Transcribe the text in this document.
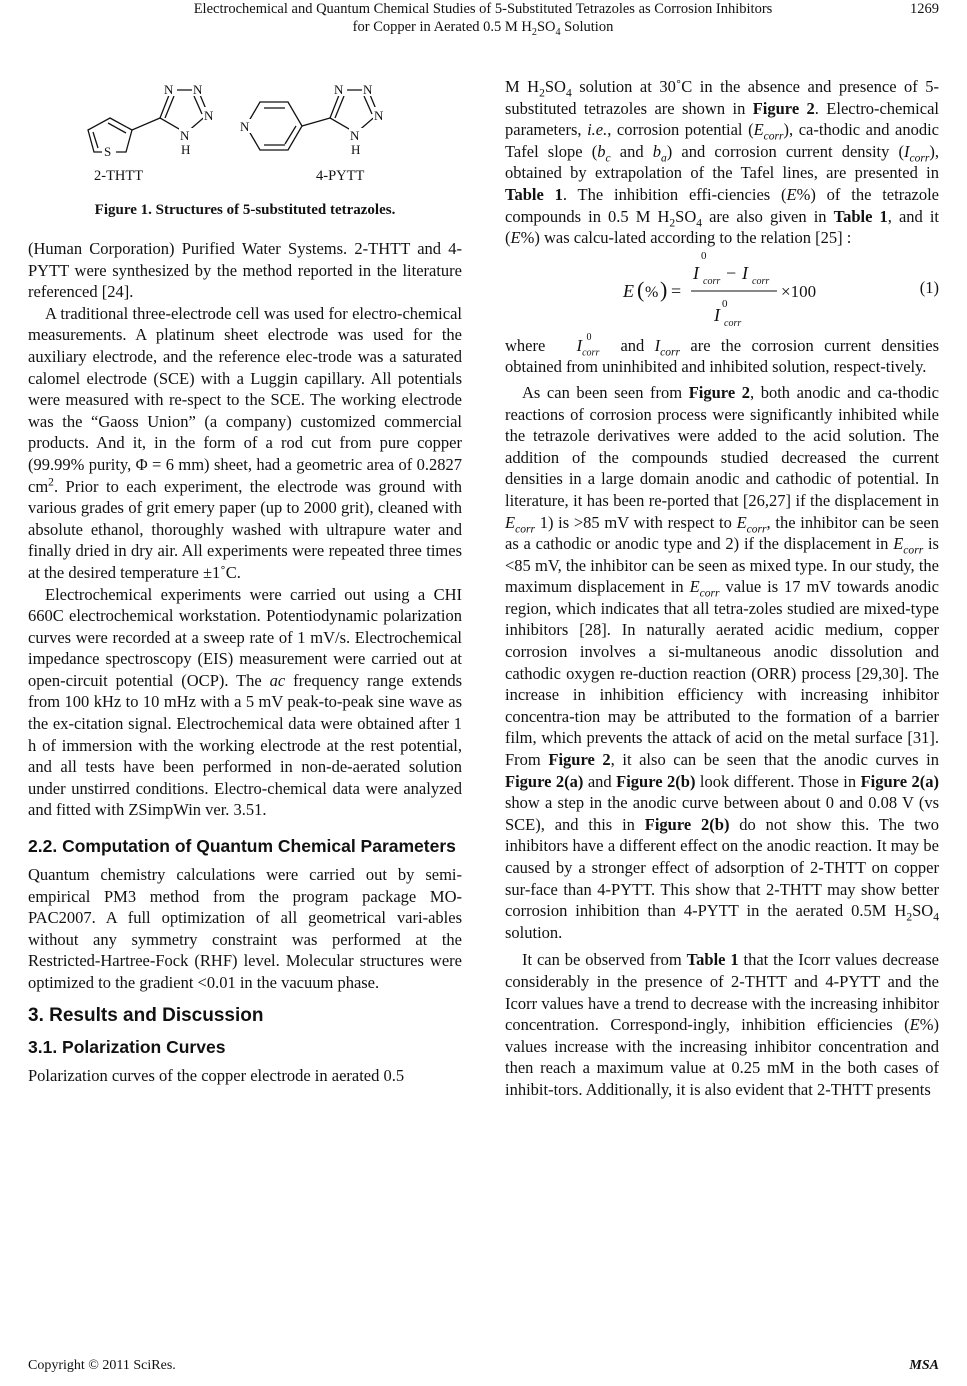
Electrochemical and Quantum Chemical Studies of 5-Substituted Tetrazoles as Corrosion Inhibitors
for Copper in Aerated 0.5 M $H_2SO_4$ Solution
1269
S
N N
N
N
H
N
N N
N
N
H
2-THTT	4-PYTT
Figure 1. Structures of 5-substituted tetrazoles.

(Human Corporation) Purified Water Systems. 2-THTT and 4-PYTT were synthesized by the method reported in the literature referenced [24].

A traditional three-electrode cell was used for electro-chemical measurements. A platinum sheet electrode was used for the auxiliary electrode, and the reference elec-trode was a saturated calomel electrode (SCE) with a Luggin capillary. All potentials were measured with re-spect to the SCE. The working electrode was the “Gaoss Union” (a company) customized commercial products. And it, in the form of a rod cut from pure copper (99.99% purity, Φ = 6 mm) sheet, had a geometric area of 0.2827 $cm^2$. Prior to each experiment, the electrode was ground with various grades of grit emery paper (up to 2000 grit), cleaned with absolute ethanol, thoroughly washed with ultrapure water and finally dried in dry air. All experiments were repeated three times at the desired temperature ±1˚C.

Electrochemical experiments were carried out using a CHI 660C electrochemical workstation. Potentiodynamic polarization curves were recorded at a sweep rate of 1 mV/s. Electrochemical impedance spectroscopy (EIS) measurement were carried out at open-circuit potential (OCP). The ac frequency range extends from 100 kHz to 10 mHz with a 5 mV peak-to-peak sine wave as the ex-citation signal. Electrochemical data were obtained after 1 h of immersion with the working electrode at the rest potential, and all tests have been performed in non-de-aerated solution under unstirred conditions. Electro-chemical data were analyzed and fitted with ZSimpWin ver. 3.51.

2.2. Computation of Quantum Chemical Parameters

Quantum chemistry calculations were carried out by semi-empirical PM3 method from the program package MO-PAC2007. A full optimization of all geometrical vari-ables without any symmetry constraint was performed at the Restricted-Hartree-Fock (RHF) level. Molecular structures were optimized to the gradient <0.01 in the vacuum phase.

3. Results and Discussion
3.1. Polarization Curves

Polarization curves of the copper electrode in aerated 0.5

M $H_2SO_4$ solution at 30˚C in the absence and presence of 5-substituted tetrazoles are shown in Figure 2. Electro-chemical parameters, i.e., corrosion potential $(E_{corr})$, ca-thodic and anodic Tafel slope ($b_c$ and $b_a$) and corrosion current density $(I_{corr})$, obtained by extrapolation of the Tafel lines, are presented in Table 1. The inhibition effi-ciencies (E%) of the tetrazole compounds in 0.5 M $H_2SO_4$ are also given in Table 1, and it (E%) was calcu-lated according to the relation [25] :

E ( % ) =
0
I corr − I corr
0
I corr
×100	(1)

where I 0
$_{corr}$ and $I_{corr}$ are the corrosion current densities obtained from uninhibited and inhibited solution, respect-tively.

As can been seen from Figure 2, both anodic and ca-thodic reactions of corrosion process were significantly inhibited while the tetrazole derivatives were added to the acid solution. The addition of the compounds studied decreased the current densities in a large domain anodic and cathodic of potential. In literature, it has been re-ported that [26,27] if the displacement in $E_{corr}$ 1) is >85 mV with respect to $E_{corr}$, the inhibitor can be seen as a cathodic or anodic type and 2) if the displacement in $E_{corr}$ is <85 mV, the inhibitor can be seen as mixed type. In our study, the maximum displacement in $E_{corr}$ value is 17 mV towards anodic region, which indicates that all tetra-zoles studied are mixed-type inhibitors [28]. In naturally aerated acidic medium, copper corrosion involves a si-multaneous anodic dissolution and cathodic oxygen re-duction reaction (ORR) process [29,30]. The increase in inhibition efficiency with increasing inhibitor concentra-tion may be attributed to the formation of a barrier film, which prevents the attack of acid on the metal surface [31]. From Figure 2, it also can be seen that the anodic curves in Figure 2(a) and Figure 2(b) look different. Those in Figure 2(a) show a step in the anodic curve between about 0 and 0.08 V (vs SCE), and this in Figure 2(b) do not show this. The two inhibitors have a different effect on the anodic reaction. It may be caused by a stronger effect of adsorption of 2-THTT on copper sur-face than 4-PYTT. This show that 2-THTT may show better corrosion inhibition than 4-PYTT in the aerated 0.5M $H_2SO_4$ solution.

It can be observed from Table 1 that the Icorr values decrease considerably in the presence of 2-THTT and 4-PYTT and the Icorr values have a trend to decrease with the increasing inhibitor concentration. Correspond-ingly, inhibition efficiencies (E%) values increase with the increasing inhibitor concentration and then reach a maximum value at 0.25 mM in the both cases of inhibit-tors. Additionally, it is also evident that 2-THTT presents

Copyright © 2011 SciRes.	MSA
